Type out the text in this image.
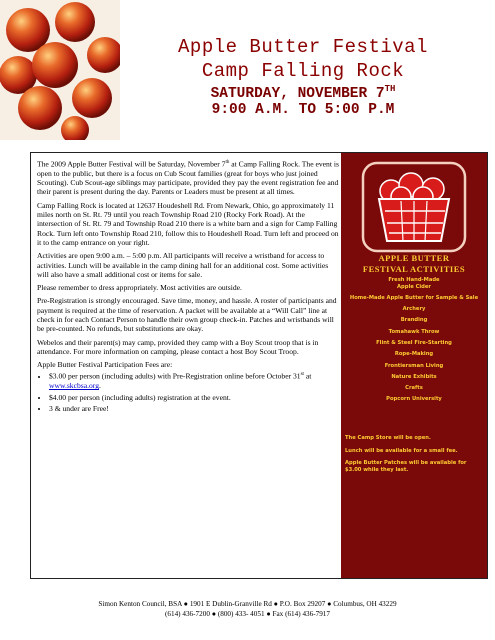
Apple Butter Festival
Camp Falling Rock
SATURDAY, NOVEMBER 7TH
9:00 A.M. TO 5:00 P.M

The 2009 Apple Butter Festival will be Saturday, November 7th at Camp Falling Rock. The event is open to the public, but there is a focus on Cub Scout families (great for boys who just joined Scouting). Cub Scout-age siblings may participate, provided they pay the event registration fee and their parent is present during the day. Parents or Leaders must be present at all times.

Camp Falling Rock is located at 12637 Houdeshell Rd. From Newark, Ohio, go approximately 11 miles north on St. Rt. 79 until you reach Township Road 210 (Rocky Fork Road). At the intersection of St. Rt. 79 and Township Road 210 there is a white barn and a sign for Camp Falling Rock. Turn left onto Township Road 210, follow this to Houdeshell Road. Turn left and proceed on it to the camp entrance on your right.

Activities are open 9:00 a.m. – 5:00 p.m. All participants will receive a wristband for access to activities. Lunch will be available in the camp dining hall for an additional cost. Some activities will also have a small additional cost or items for sale.

Please remember to dress appropriately. Most activities are outside.

Pre-Registration is strongly encouraged. Save time, money, and hassle. A roster of participants and payment is required at the time of reservation. A packet will be available at a “Will Call” line at check in for each Contact Person to handle their own group check-in. Patches and wristbands will be pre-counted. No refunds, but substitutions are okay.

Webelos and their parent(s) may camp, provided they camp with a Boy Scout troop that is in attendance. For more information on camping, please contact a host Boy Scout Troop.

Apple Butter Festival Participation Fees are:

• $3.00 per person (including adults) with Pre-Registration online before October 31st at www.skcbsa.org.
• $4.00 per person (including adults) registration at the event.
• 3 & under are Free!
APPLE BUTTER
FESTIVAL ACTIVITIES
Fresh Hand-Made Apple Cider
Home-Made Apple Butter for Sample & Sale
Archery
Branding
Tomahawk Throw
Flint & Steel Fire-Starting
Rope-Making
Frontiersman Living
Nature Exhibits
Crafts
Popcorn University
The Camp Store will be open.
Lunch will be available for a small fee.
Apple Butter Patches will be available for $3.00 while they last.
Simon Kenton Council, BSA ● 1901 E Dublin-Granville Rd ● P.O. Box 29207 ● Columbus, OH 43229
(614) 436-7200 ● (800) 433- 4051 ● Fax (614) 436-7917
